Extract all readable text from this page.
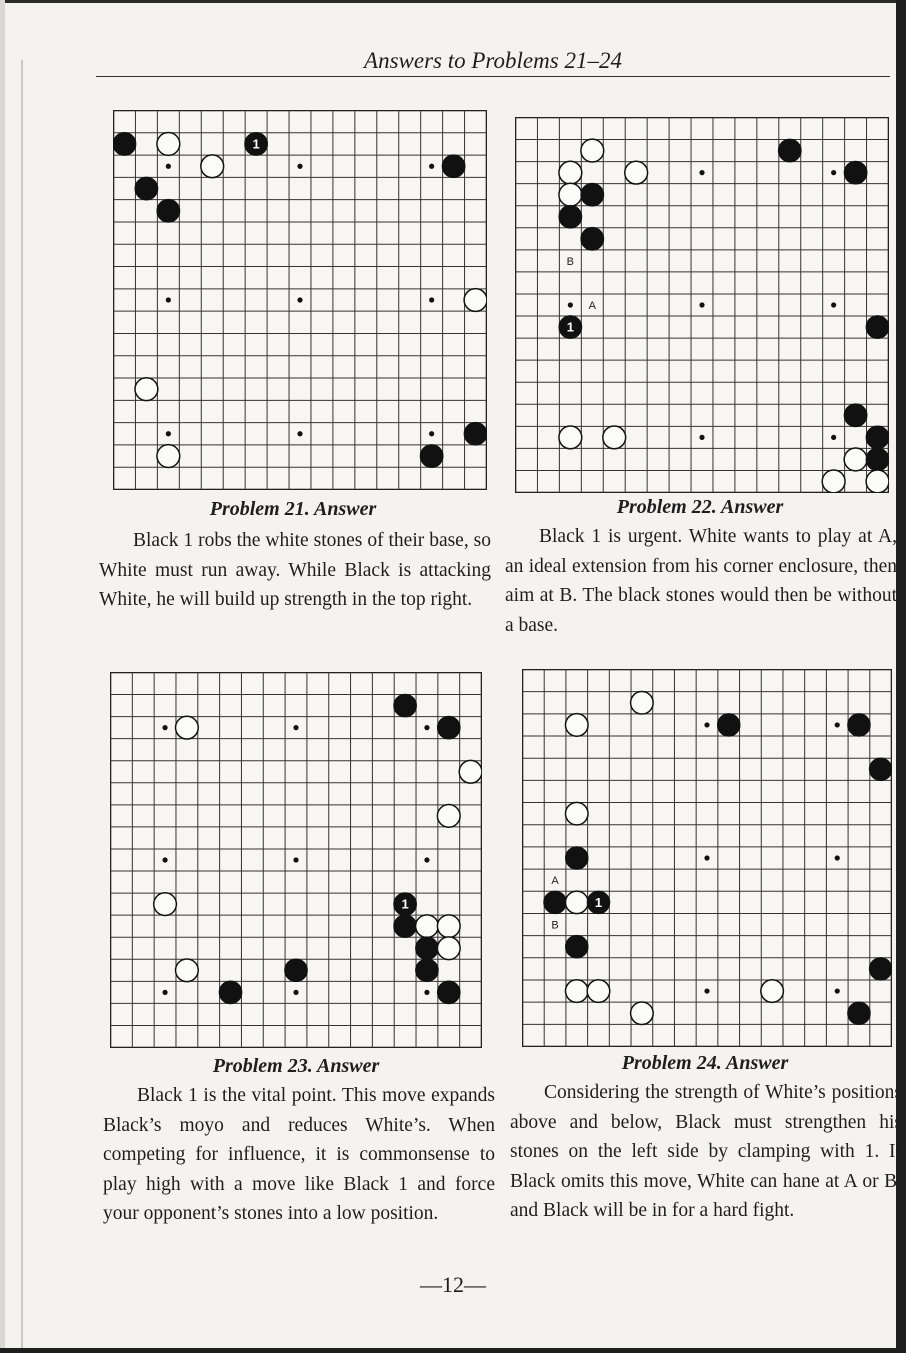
Answers to Problems 21–24
1
Problem 21. Answer

Black 1 robs the white stones of their base, so White must run away. While Black is attacking White, he will build up strength in the top right.

A
B
1
Problem 22. Answer

Black 1 is urgent. White wants to play at A, an ideal extension from his corner enclosure, then aim at B. The black stones would then be without a base.

1
Problem 23. Answer

Black 1 is the vital point. This move expands Black’s moyo and reduces White’s. When competing for influence, it is commonsense to play high with a move like Black 1 and force your opponent’s stones into a low position.

A
B
1
Problem 24. Answer

Considering the strength of White’s positions above and below, Black must strengthen his stones on the left side by clamping with 1. If Black omits this move, White can hane at A or B, and Black will be in for a hard fight.

—12—
